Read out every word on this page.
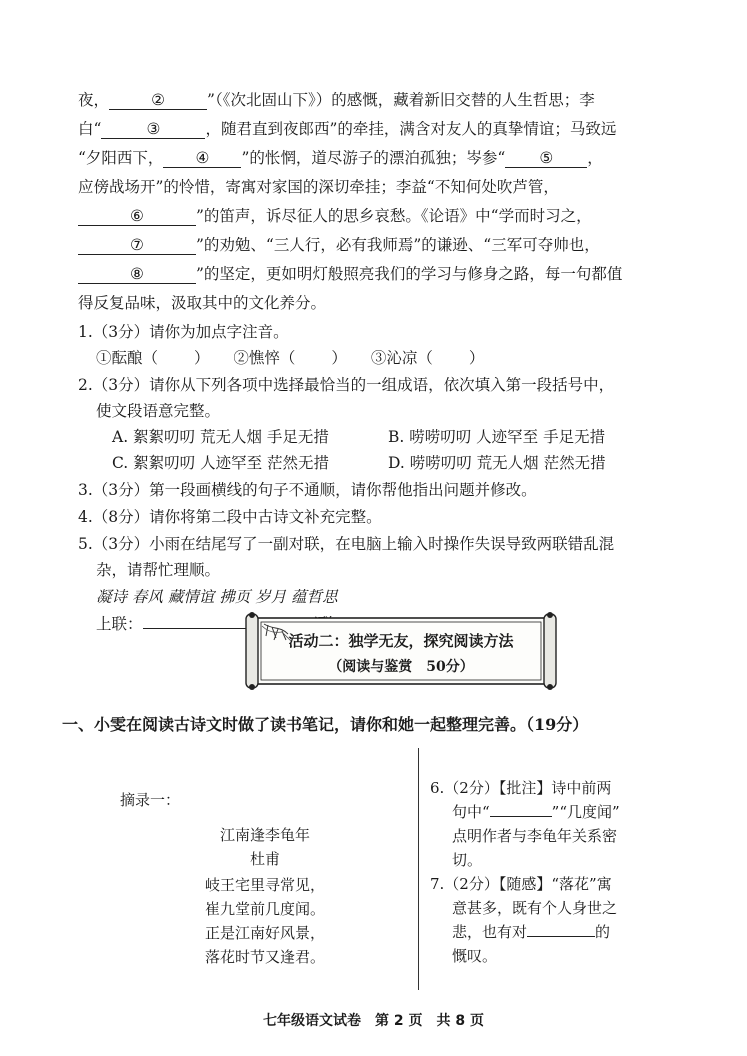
夜，	②	”（《次北固山下》）的感慨，藏着新旧交替的人生哲思；李
白“	③	，随君直到夜郎西”的牵挂，满含对友人的真挚情谊；马致远
“夕阳西下， ④ ”的怅惘，道尽游子的漂泊孤独；岑参“ ⑤ ，
应傍战场开”的怜惜，寄寓对家国的深切牵挂；李益“不知何处吹芦管，
⑥	”的笛声，诉尽征人的思乡哀愁。《论语》中“学而时习之，
⑦	”的劝勉、“三人行，必有我师焉”的谦逊、“三军可夺帅也，
⑧	”的坚定，更如明灯般照亮我们的学习与修身之路，每一句都值
得反复品味，汲取其中的文化养分。
1.（3分）请你为加点字注音。
①酝酿（ ） ②憔悴（ ） ③沁凉（ ）
2.（3分）请你从下列各项中选择最恰当的一组成语，依次填入第一段括号中，
使文段语意完整。
A. 絮絮叨叨 荒无人烟 手足无措	B. 唠唠叨叨 人迹罕至 手足无措
C. 絮絮叨叨 人迹罕至 茫然无措	D. 唠唠叨叨 荒无人烟 茫然无措
3.（3分）第一段画横线的句子不通顺，请你帮他指出问题并修改。
4.（8分）请你将第二段中古诗文补充完整。
5.（3分）小雨在结尾写了一副对联，在电脑上输入时操作失误导致两联错乱混
杂，请帮忙理顺。
凝诗 春风 藏情谊 拂页 岁月 蕴哲思
上联：
活动二：独学无友，探究阅读方法
（阅读与鉴赏　50分）
一、小雯在阅读古诗文时做了读书笔记，请你和她一起整理完善。（19分）
摘录一：
江南逢李龟年
杜甫
岐王宅里寻常见，
崔九堂前几度闻。
正是江南好风景，
落花时节又逢君。
6.（2分）【批注】诗中前两
句中“	”“几度闻”
点明作者与李龟年关系密
切。
7.（2分）【随感】“落花”寓
意甚多，既有个人身世之
悲，也有对	的
慨叹。
七年级语文试卷　第 2 页　共 8 页
